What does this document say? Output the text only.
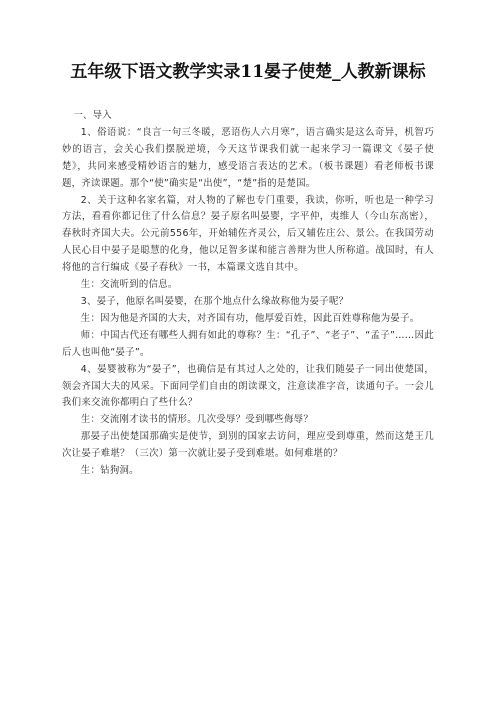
五年级下语文教学实录11晏子使楚_人教新课标

一、导入

1、俗语说：“良言一句三冬暖，恶语伤人六月寒”，语言确实是这么奇异，机智巧妙的语言，会关心我们摆脱逆境，今天这节课我们就一起来学习一篇课文《晏子使楚》，共同来感受精妙语言的魅力，感受语言表达的艺术。（板书课题）看老师板书课题，齐读课题。那个“使”确实是“出使”，“楚”指的是楚国。

2、关于这种名家名篇，对人物的了解也专门重要，我读，你听，听也是一种学习方法，看看你都记住了什么信息？晏子原名叫晏婴，字平仲，夷维人（今山东高密），春秋时齐国大夫。公元前556年，开始辅佐齐灵公，后又辅佐庄公、景公。在我国劳动人民心目中晏子是聪慧的化身，他以足智多谋和能言善辩为世人所称道。战国时，有人将他的言行编成《晏子春秋》一书，本篇课文选自其中。

生：交流听到的信息。

3、晏子，他原名叫晏婴，在那个地点什么缘故称他为晏子呢？

生：因为他是齐国的大夫，对齐国有功，他厚爱百姓，因此百姓尊称他为晏子。

师：中国古代还有哪些人拥有如此的尊称？生：“孔子”、“老子”、“孟子”……因此后人也叫他“晏子”。

4、晏婴被称为“晏子”，也确信是有其过人之处的，让我们随晏子一同出使楚国，领会齐国大夫的风采。下面同学们自由的朗读课文，注意读准字音，读通句子。一会儿我们来交流你都明白了些什么？

生：交流刚才读书的情形。几次受辱？受到哪些侮辱？

那晏子出使楚国那确实是使节，到别的国家去访问，理应受到尊重，然而这楚王几次让晏子难堪？（三次）第一次就让晏子受到难堪。如何难堪的？

生：钻狗洞。
